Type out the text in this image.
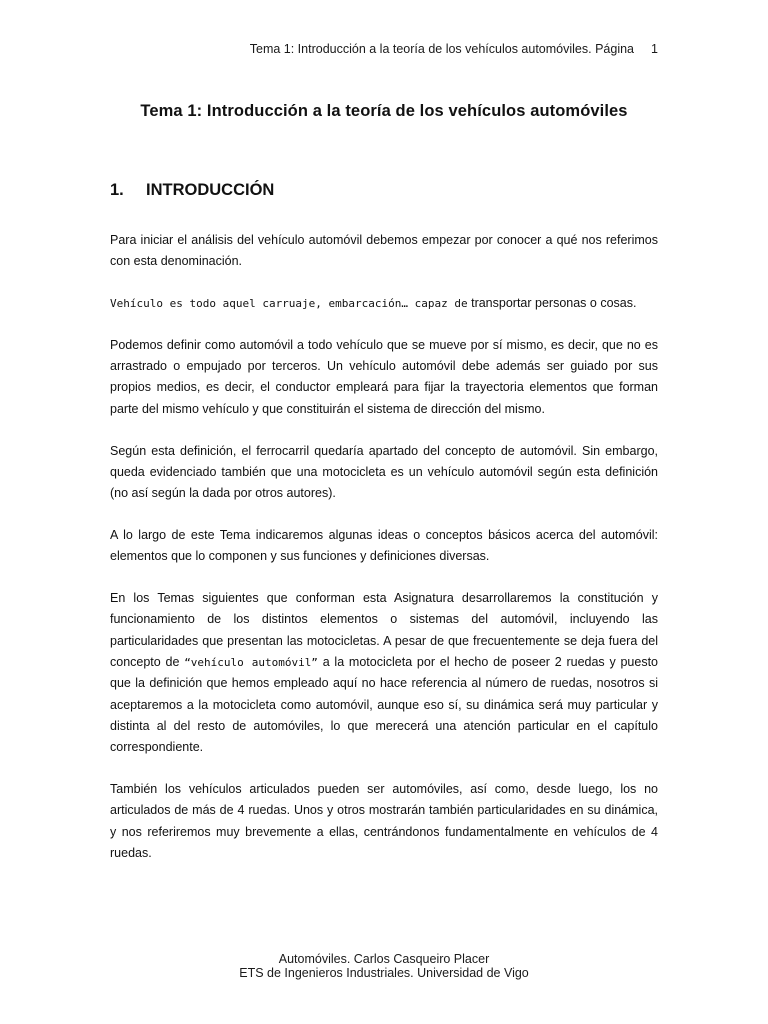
Tema 1: Introducción a la teoría de los vehículos automóviles. Página 1
Tema 1: Introducción a la teoría de los vehículos automóviles
1. INTRODUCCIÓN

Para iniciar el análisis del vehículo automóvil debemos empezar por conocer a qué nos referimos con esta denominación.

Vehículo es todo aquel carruaje, embarcación… capaz de transportar personas o cosas.

Podemos definir como automóvil a todo vehículo que se mueve por sí mismo, es decir, que no es arrastrado o empujado por terceros. Un vehículo automóvil debe además ser guiado por sus propios medios, es decir, el conductor empleará para fijar la trayectoria elementos que forman parte del mismo vehículo y que constituirán el sistema de dirección del mismo.

Según esta definición, el ferrocarril quedaría apartado del concepto de automóvil. Sin embargo, queda evidenciado también que una motocicleta es un vehículo automóvil según esta definición (no así según la dada por otros autores).

A lo largo de este Tema indicaremos algunas ideas o conceptos básicos acerca del automóvil: elementos que lo componen y sus funciones y definiciones diversas.

En los Temas siguientes que conforman esta Asignatura desarrollaremos la constitución y funcionamiento de los distintos elementos o sistemas del automóvil, incluyendo las particularidades que presentan las motocicletas. A pesar de que frecuentemente se deja fuera del concepto de “vehículo automóvil” a la motocicleta por el hecho de poseer 2 ruedas y puesto que la definición que hemos empleado aquí no hace referencia al número de ruedas, nosotros si aceptaremos a la motocicleta como automóvil, aunque eso sí, su dinámica será muy particular y distinta al del resto de automóviles, lo que merecerá una atención particular en el capítulo correspondiente.

También los vehículos articulados pueden ser automóviles, así como, desde luego, los no articulados de más de 4 ruedas. Unos y otros mostrarán también particularidades en su dinámica, y nos referiremos muy brevemente a ellas, centrándonos fundamentalmente en vehículos de 4 ruedas.

Automóviles. Carlos Casqueiro Placer
ETS de Ingenieros Industriales. Universidad de Vigo
